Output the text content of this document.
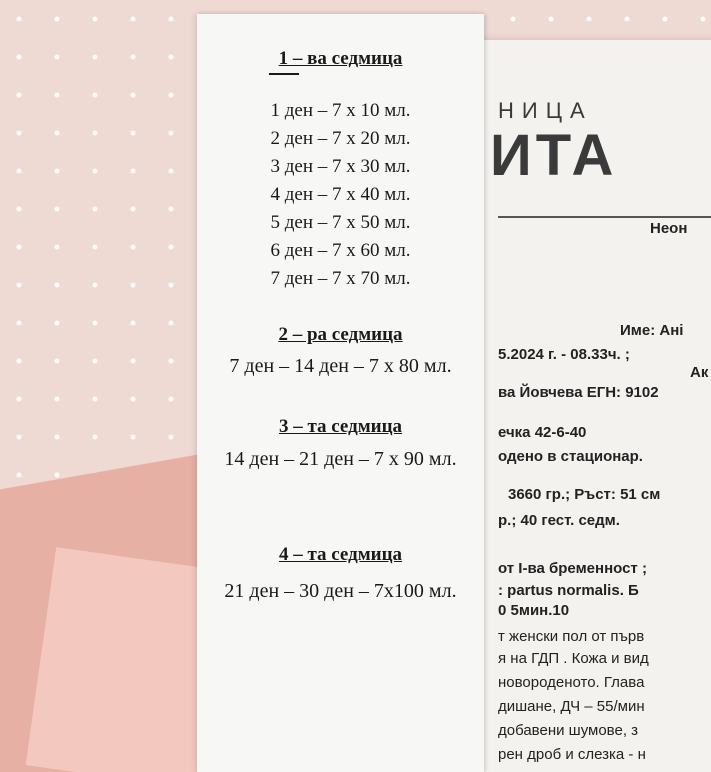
НИЦА
ИТА
Неон
Име: Ані
5.2024 г. - 08.33ч. ;
Ак
ва Йовчева ЕГН: 9102
ечка 42-6-40
одено в стационар.
3660 гр.; Ръст: 51 см
р.; 40 гест. седм.
от I-ва бременност ;
: partus normalis. Б
0 5мин.10
т женски пол от първ
я на ГДП . Кожа и вид
новороденото. Глава
дишане, ДЧ – 55/мин
добавени шумове, з
рен дроб и слезка - н
1 – ва седмица
1 ден – 7 х 10 мл.
2 ден – 7 х 20 мл.
3 ден – 7 х 30 мл.
4 ден – 7 х 40 мл.
5 ден – 7 х 50 мл.
6 ден – 7 х 60 мл.
7 ден – 7 х 70 мл.
2 – ра седмица
7 ден – 14 ден – 7 х 80 мл.
3 – та седмица
14 ден – 21 ден – 7 х 90 мл.
4 – та седмица
21 ден – 30 ден – 7х100 мл.
